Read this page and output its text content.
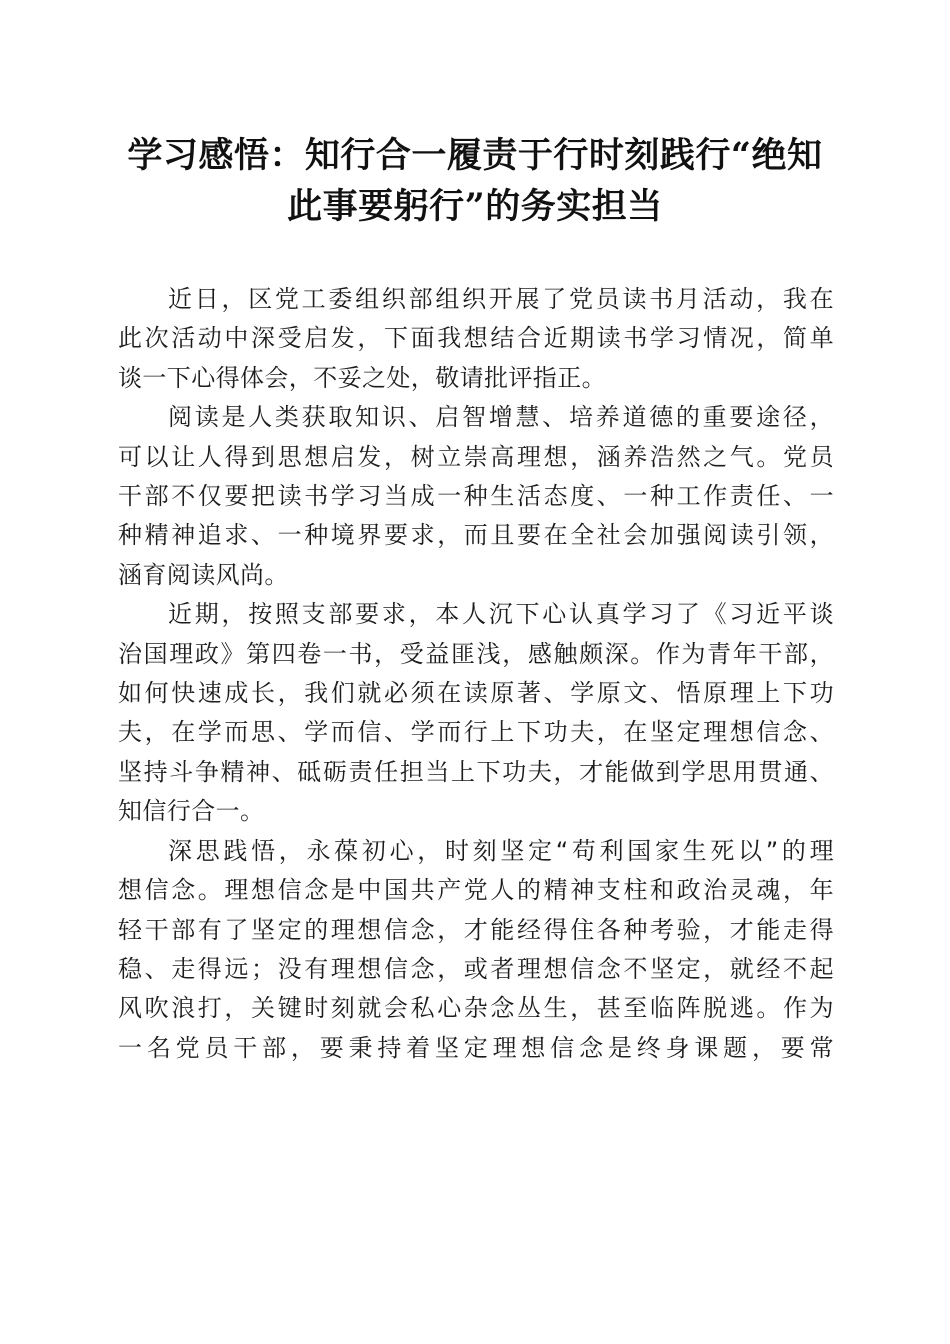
学习感悟：知行合一履责于行时刻践行“绝知
此事要躬行”的务实担当

近日，区党工委组织部组织开展了党员读书月活动，我在
此次活动中深受启发，下面我想结合近期读书学习情况，简单
谈一下心得体会，不妥之处，敬请批评指正。

阅读是人类获取知识、启智增慧、培养道德的重要途径，
可以让人得到思想启发，树立崇高理想，涵养浩然之气。党员
干部不仅要把读书学习当成一种生活态度、一种工作责任、一
种精神追求、一种境界要求，而且要在全社会加强阅读引领，
涵育阅读风尚。

近期，按照支部要求，本人沉下心认真学习了《习近平谈
治国理政》第四卷一书，受益匪浅，感触颇深。作为青年干部，
如何快速成长，我们就必须在读原著、学原文、悟原理上下功
夫，在学而思、学而信、学而行上下功夫，在坚定理想信念、
坚持斗争精神、砥砺责任担当上下功夫，才能做到学思用贯通、
知信行合一。

深思践悟，永葆初心，时刻坚定“苟利国家生死以”的理
想信念。理想信念是中国共产党人的精神支柱和政治灵魂，年
轻干部有了坚定的理想信念，才能经得住各种考验，才能走得
稳、走得远；没有理想信念，或者理想信念不坚定，就经不起
风吹浪打，关键时刻就会私心杂念丛生，甚至临阵脱逃。作为
一名党员干部，要秉持着坚定理想信念是终身课题，要常
